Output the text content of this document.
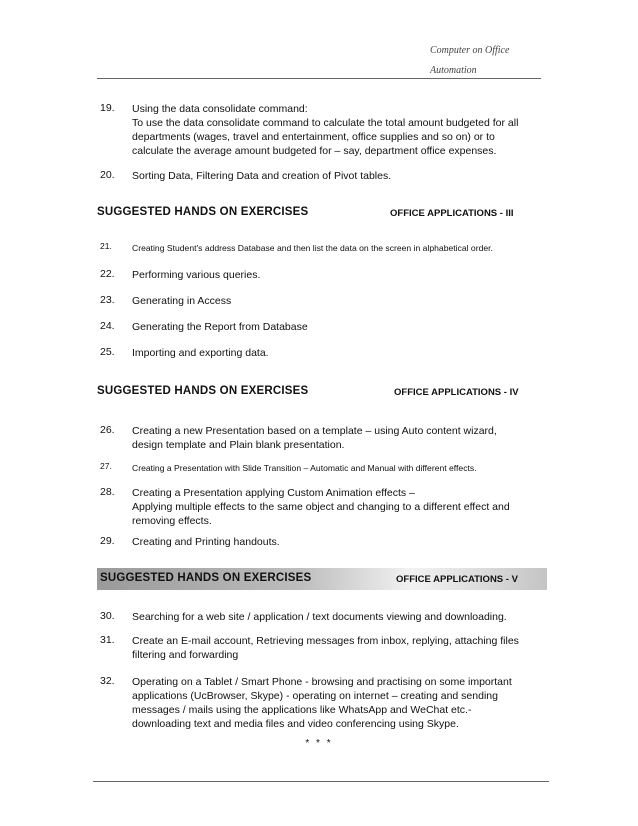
Computer on Office
Automation
19. Using the data consolidate command:
To use the data consolidate command to calculate the total amount budgeted for all
departments (wages, travel and entertainment, office supplies and so on) or to
calculate the average amount budgeted for – say, department office expenses.
20. Sorting Data, Filtering Data and creation of Pivot tables.
SUGGESTED HANDS ON EXERCISES	OFFICE APPLICATIONS - III
21. Creating Student's address Database and then list the data on the screen in alphabetical order.
22. Performing various queries.
23. Generating in Access
24. Generating the Report from Database
25. Importing and exporting data.
SUGGESTED HANDS ON EXERCISES	OFFICE APPLICATIONS - IV
26. Creating a new Presentation based on a template – using Auto content wizard,
design template and Plain blank presentation.
27. Creating a Presentation with Slide Transition – Automatic and Manual with different effects.
28. Creating a Presentation applying Custom Animation effects –
Applying multiple effects to the same object and changing to a different effect and
removing effects.
29. Creating and Printing handouts.
SUGGESTED HANDS ON EXERCISES	OFFICE APPLICATIONS - V
30. Searching for a web site / application / text documents viewing and downloading.
31. Create an E-mail account, Retrieving messages from inbox, replying, attaching files
filtering and forwarding
32. Operating on a Tablet / Smart Phone - browsing and practising on some important
applications (UcBrowser, Skype) - operating on internet – creating and sending
messages / mails using the applications like WhatsApp and WeChat etc.-
downloading text and media files and video conferencing using Skype.
* * *
